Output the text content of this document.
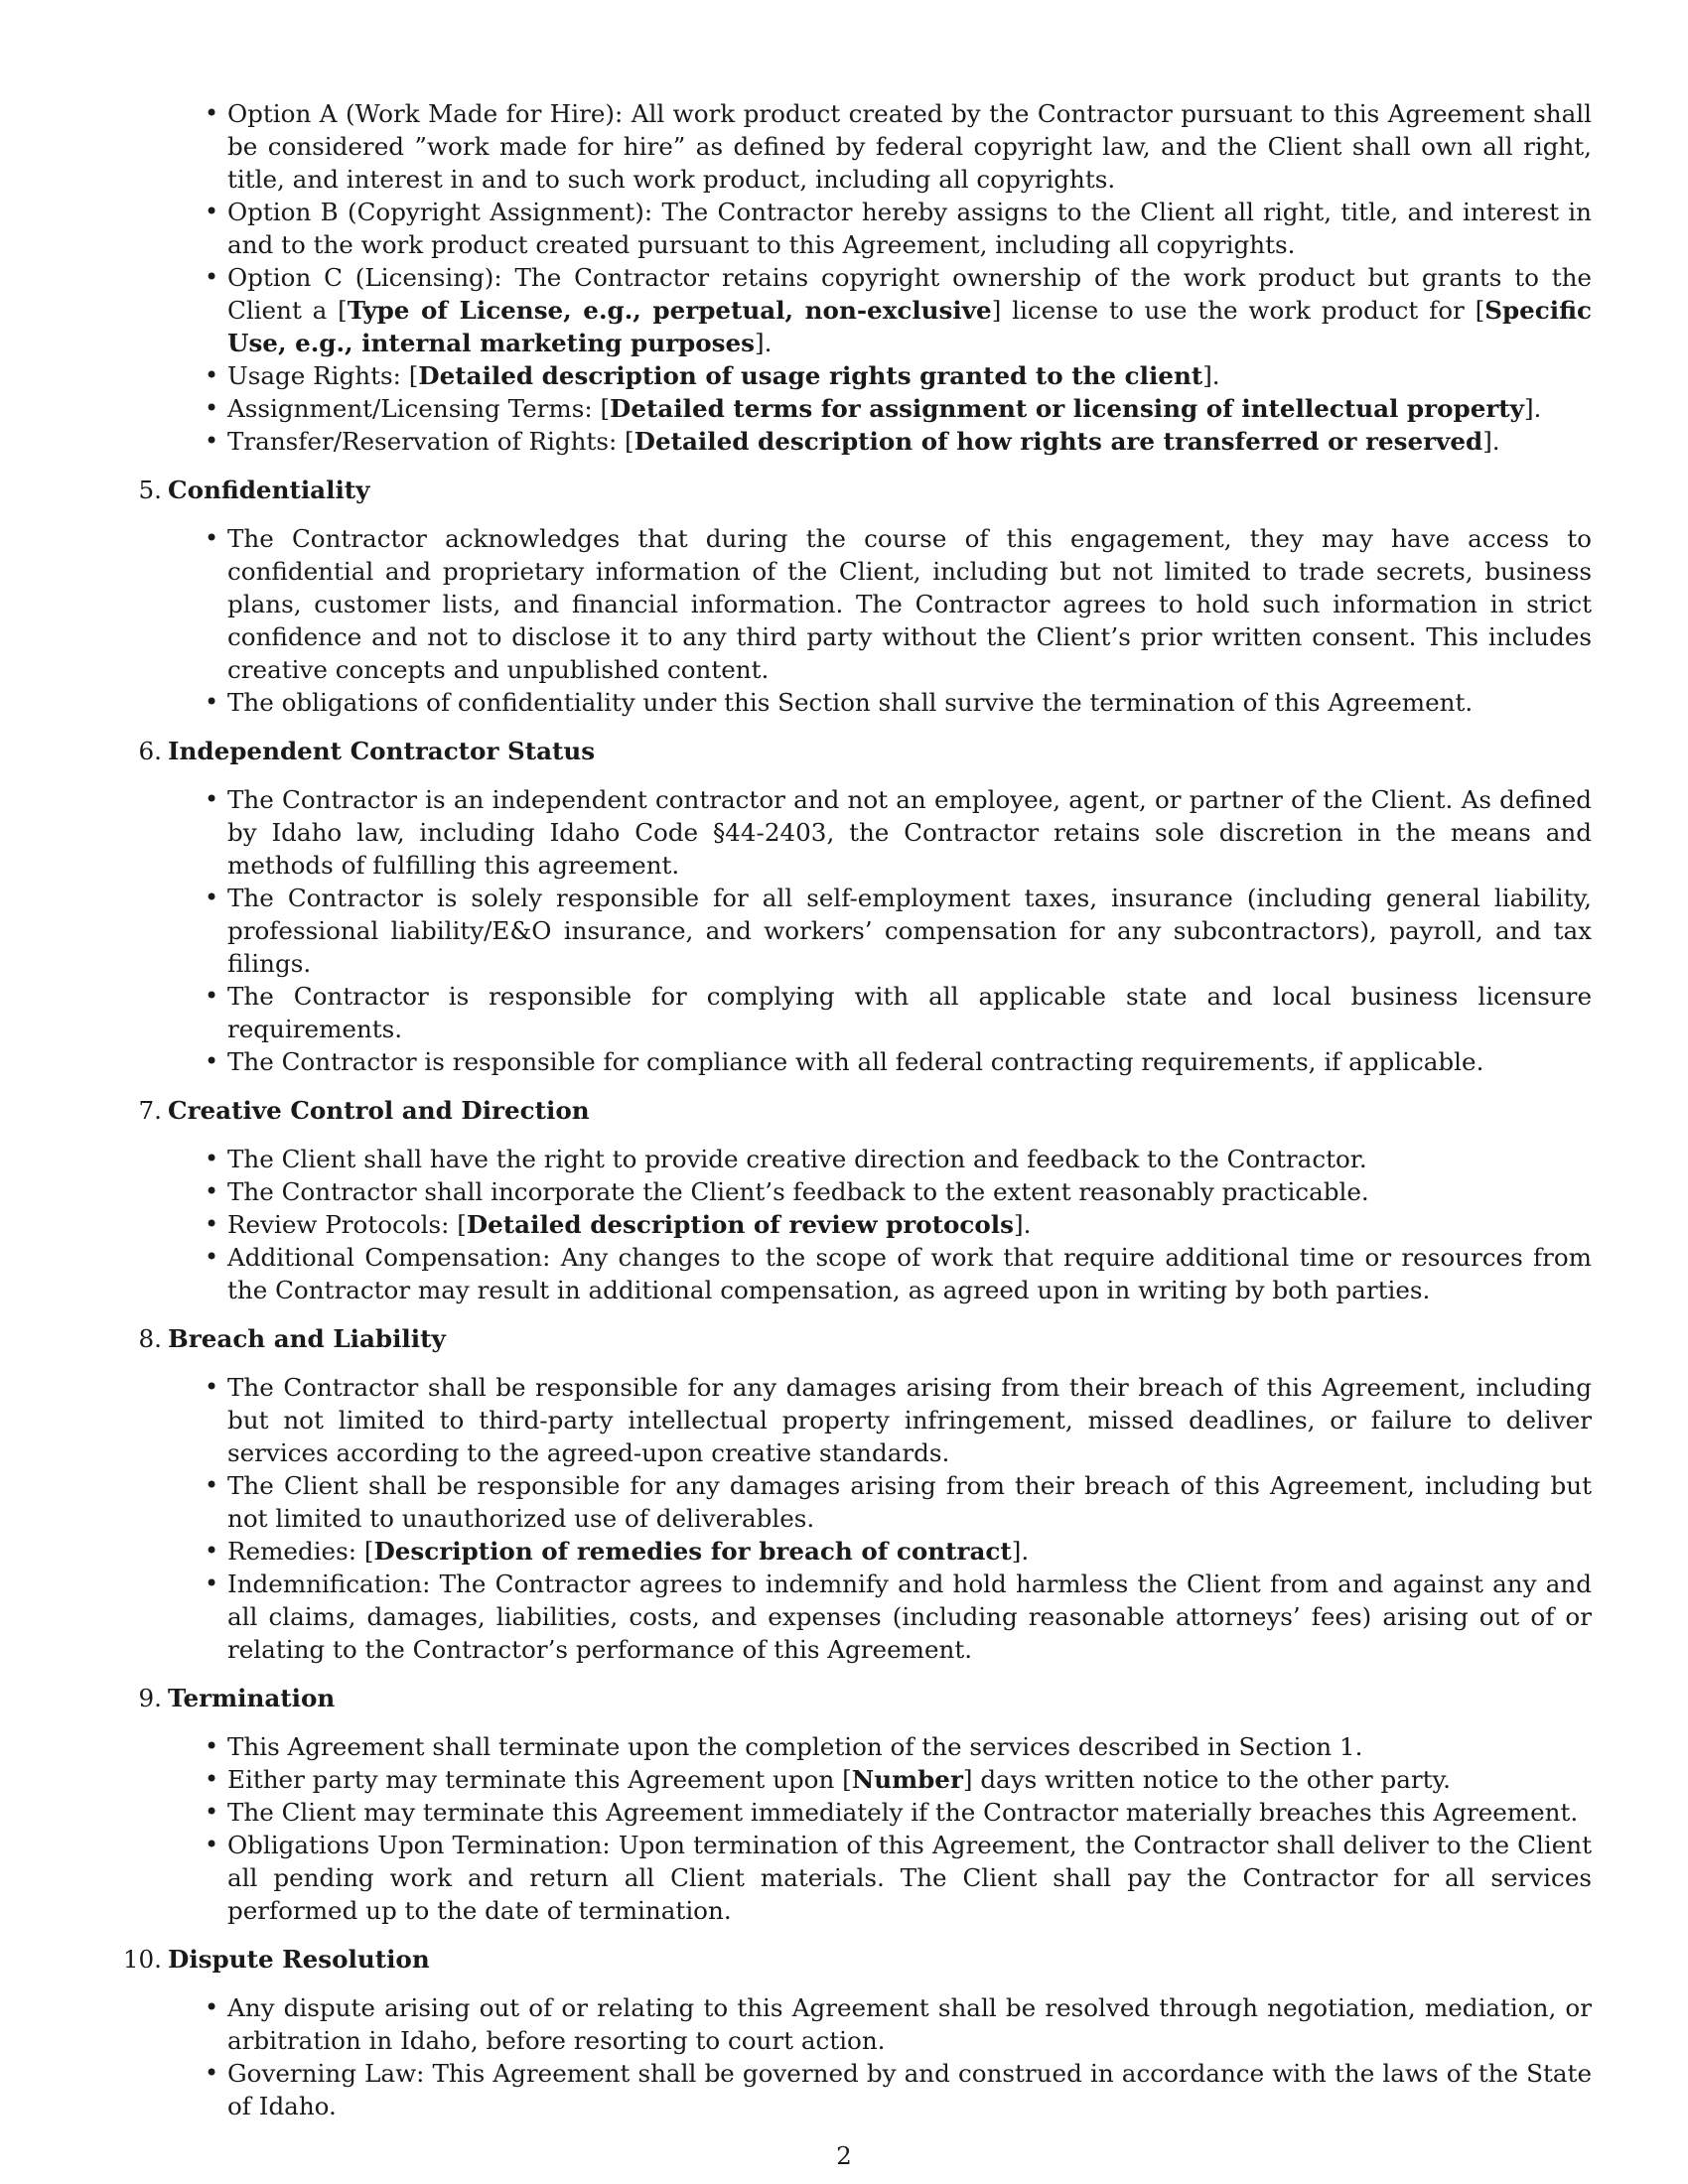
• Option A (Work Made for Hire): All work product created by the Contractor pursuant to this Agreement shall be considered ”work made for hire” as defined by federal copyright law, and the Client shall own all right, title, and interest in and to such work product, including all copyrights.
• Option B (Copyright Assignment): The Contractor hereby assigns to the Client all right, title, and interest in and to the work product created pursuant to this Agreement, including all copyrights.
• Option C (Licensing): The Contractor retains copyright ownership of the work product but grants to the Client a [Type of License, e.g., perpetual, non-exclusive] license to use the work product for [Specific Use, e.g., internal marketing purposes].
• Usage Rights: [Detailed description of usage rights granted to the client].
• Assignment/Licensing Terms: [Detailed terms for assignment or licensing of intellectual property].
• Transfer/Reservation of Rights: [Detailed description of how rights are transferred or reserved].
5. Confidentiality
• The Contractor acknowledges that during the course of this engagement, they may have access to confidential and proprietary information of the Client, including but not limited to trade secrets, business plans, customer lists, and financial information. The Contractor agrees to hold such information in strict confidence and not to disclose it to any third party without the Client’s prior written consent. This includes creative concepts and unpublished content.
• The obligations of confidentiality under this Section shall survive the termination of this Agreement.
6. Independent Contractor Status
• The Contractor is an independent contractor and not an employee, agent, or partner of the Client. As defined by Idaho law, including Idaho Code §44-2403, the Contractor retains sole discretion in the means and methods of fulfilling this agreement.
• The Contractor is solely responsible for all self-employment taxes, insurance (including general liability, professional liability/E&O insurance, and workers’ compensation for any subcontractors), payroll, and tax filings.
• The Contractor is responsible for complying with all applicable state and local business licensure requirements.
• The Contractor is responsible for compliance with all federal contracting requirements, if applicable.
7. Creative Control and Direction
• The Client shall have the right to provide creative direction and feedback to the Contractor.
• The Contractor shall incorporate the Client’s feedback to the extent reasonably practicable.
• Review Protocols: [Detailed description of review protocols].
• Additional Compensation: Any changes to the scope of work that require additional time or resources from the Contractor may result in additional compensation, as agreed upon in writing by both parties.
8. Breach and Liability
• The Contractor shall be responsible for any damages arising from their breach of this Agreement, including but not limited to third-party intellectual property infringement, missed deadlines, or failure to deliver services according to the agreed-upon creative standards.
• The Client shall be responsible for any damages arising from their breach of this Agreement, including but not limited to unauthorized use of deliverables.
• Remedies: [Description of remedies for breach of contract].
• Indemnification: The Contractor agrees to indemnify and hold harmless the Client from and against any and all claims, damages, liabilities, costs, and expenses (including reasonable attorneys’ fees) arising out of or relating to the Contractor’s performance of this Agreement.
9. Termination
• This Agreement shall terminate upon the completion of the services described in Section 1.
• Either party may terminate this Agreement upon [Number] days written notice to the other party.
• The Client may terminate this Agreement immediately if the Contractor materially breaches this Agreement.
• Obligations Upon Termination: Upon termination of this Agreement, the Contractor shall deliver to the Client all pending work and return all Client materials. The Client shall pay the Contractor for all services performed up to the date of termination.
10. Dispute Resolution
• Any dispute arising out of or relating to this Agreement shall be resolved through negotiation, mediation, or arbitration in Idaho, before resorting to court action.
• Governing Law: This Agreement shall be governed by and construed in accordance with the laws of the State of Idaho.
2
